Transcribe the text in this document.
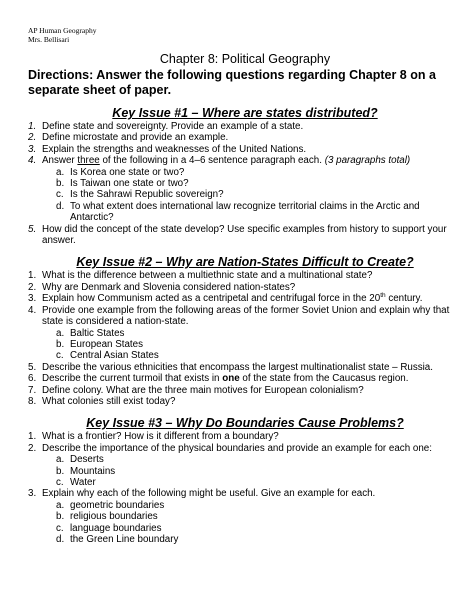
AP Human Geography
Mrs. Bellisari
Chapter 8: Political Geography
Directions: Answer the following questions regarding Chapter 8 on a separate sheet of paper.
Key Issue #1 – Where are states distributed?
1. Define state and sovereignty. Provide an example of a state.
2. Define microstate and provide an example.
3. Explain the strengths and weaknesses of the United Nations.
4. Answer three of the following in a 4–6 sentence paragraph each. (3 paragraphs total)
a. Is Korea one state or two?
b. Is Taiwan one state or two?
c. Is the Sahrawi Republic sovereign?
d. To what extent does international law recognize territorial claims in the Arctic and Antarctic?
5. How did the concept of the state develop? Use specific examples from history to support your answer.
Key Issue #2 – Why are Nation-States Difficult to Create?
1. What is the difference between a multiethnic state and a multinational state?
2. Why are Denmark and Slovenia considered nation-states?
3. Explain how Communism acted as a centripetal and centrifugal force in the 20th century.
4. Provide one example from the following areas of the former Soviet Union and explain why that state is considered a nation-state.
a. Baltic States
b. European States
c. Central Asian States
5. Describe the various ethnicities that encompass the largest multinationalist state – Russia.
6. Describe the current turmoil that exists in one of the state from the Caucasus region.
7. Define colony. What are the three main motives for European colonialism?
8. What colonies still exist today?
Key Issue #3 – Why Do Boundaries Cause Problems?
1. What is a frontier? How is it different from a boundary?
2. Describe the importance of the physical boundaries and provide an example for each one:
a. Deserts
b. Mountains
c. Water
3. Explain why each of the following might be useful. Give an example for each.
a. geometric boundaries
b. religious boundaries
c. language boundaries
d. the Green Line boundary
